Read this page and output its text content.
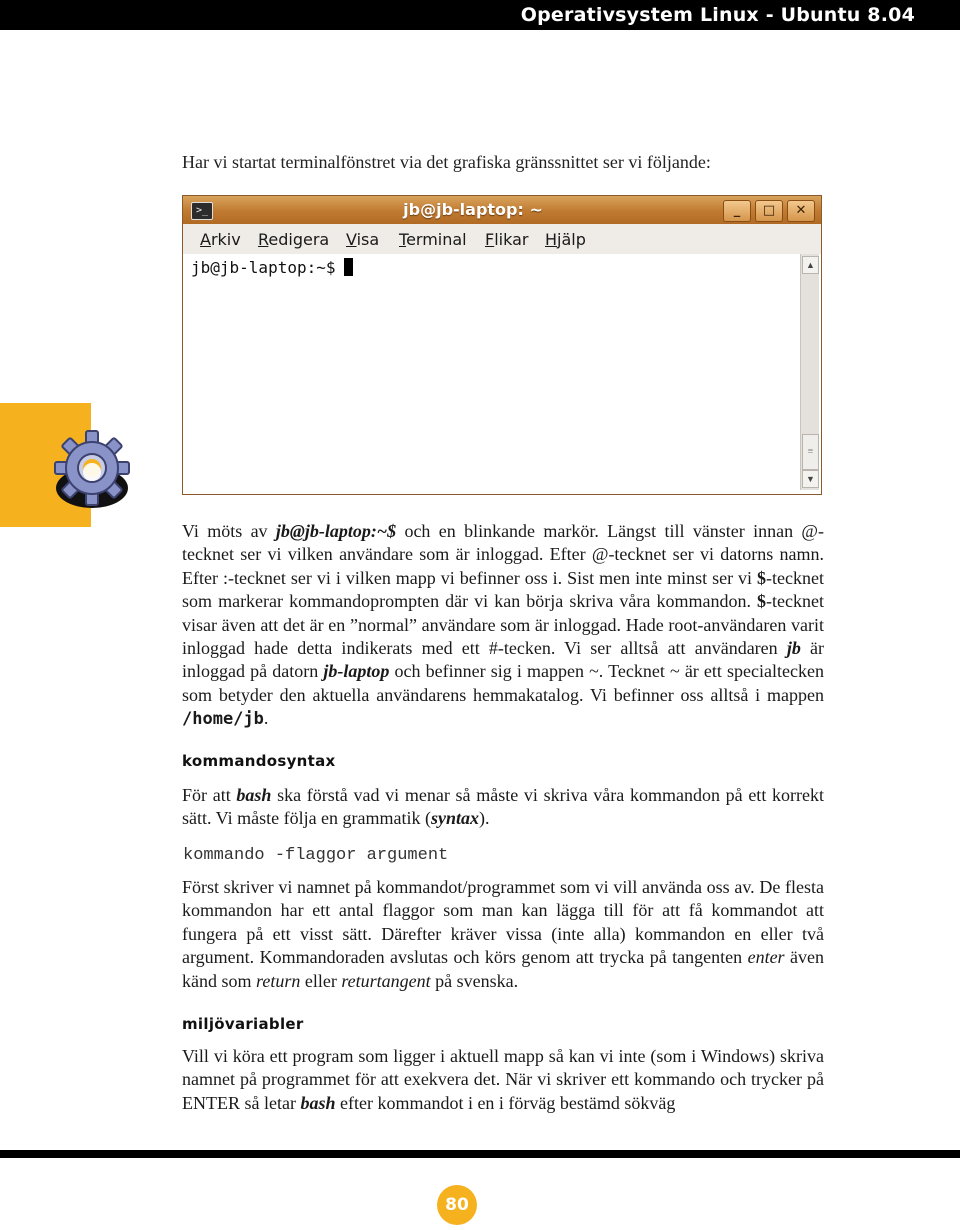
Operativsystem Linux - Ubuntu 8.04
Har vi startat terminalfönstret via det grafiska gränssnittet ser vi följande:
>_	jb@jb-laptop: ~	_	□	✕
Arkiv Redigera Visa Terminal Flikar Hjälp
jb@jb-laptop:~$	▲
≡
▼
Vi möts av jb@jb-laptop:~$ och en blinkande markör. Längst till vänster innan @-tecknet ser vi vilken användare som är inloggad. Efter @-tecknet ser vi datorns namn. Efter :-tecknet ser vi i vilken mapp vi befinner oss i. Sist men inte minst ser vi $-tecknet som markerar kommandoprompten där vi kan börja skriva våra kommandon. $-tecknet visar även att det är en ”normal” användare som är inloggad. Hade root-användaren varit inloggad hade detta indikerats med ett #-tecken. Vi ser alltså att användaren jb är inloggad på datorn jb-laptop och befinner sig i mappen ~. Tecknet ~ är ett specialtecken som betyder den aktuella användarens hemmakatalog. Vi befinner oss alltså i mappen /home/jb.
kommandosyntax
För att bash ska förstå vad vi menar så måste vi skriva våra kommandon på ett korrekt sätt. Vi måste följa en grammatik (syntax).
kommando -flaggor argument
Först skriver vi namnet på kommandot/programmet som vi vill använda oss av. De flesta kommandon har ett antal flaggor som man kan lägga till för att få kommandot att fungera på ett visst sätt. Därefter kräver vissa (inte alla) kommandon en eller två argument. Kommandoraden avslutas och körs genom att trycka på tangenten enter även känd som return eller returtangent på svenska.
miljövariabler
Vill vi köra ett program som ligger i aktuell mapp så kan vi inte (som i Windows) skriva namnet på programmet för att exekvera det. När vi skriver ett kommando och trycker på ENTER så letar bash efter kommandot i en i förväg bestämd sökväg
80
